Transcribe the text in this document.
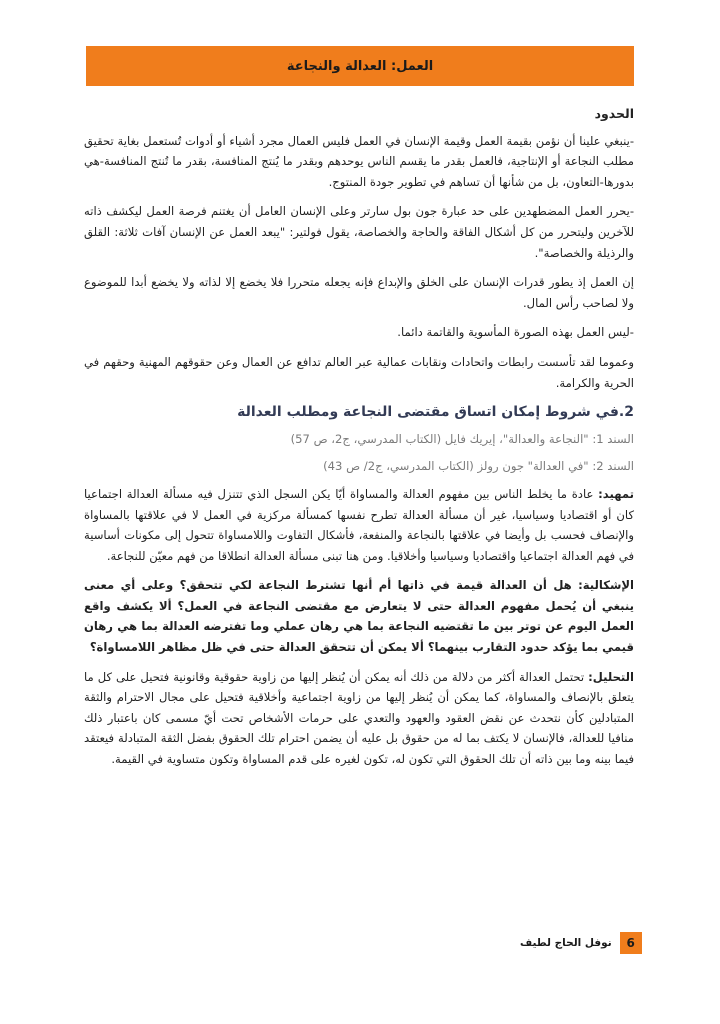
العمل: العدالة والنجاعة

الحدود

-ينبغي علينا أن نؤمن بقيمة العمل وقيمة الإنسان في العمل فليس العمال مجرد أشياء أو أدوات تُستعمل بغاية تحقيق مطلب النجاعة أو الإنتاجية، فالعمل بقدر ما يقسم الناس يوحدهم وبقدر ما يُنتج المنافسة، بقدر ما تُنتج المنافسة-هي بدورها-التعاون، بل من شأنها أن تساهم في تطوير جودة المنتوج.

-يحرر العمل المضطهدين على حد عبارة جون بول سارتر وعلى الإنسان العامل أن يغتنم فرصة العمل ليكشف ذاته للآخرين وليتحرر من كل أشكال الفاقة والحاجة والخصاصة، يقول فولتير: "يبعد العمل عن الإنسان آفات ثلاثة: القلق والرذيلة والخصاصة".

إن العمل إذ يطور قدرات الإنسان على الخلق والإبداع فإنه يجعله متحررا فلا يخضع إلا لذاته ولا يخضع أبدا للموضوع ولا لصاحب رأس المال.

-ليس العمل بهذه الصورة المأسوية والقاتمة دائما.

وعموما لقد تأسست رابطات واتحادات ونقابات عمالية عبر العالم تدافع عن العمال وعن حقوقهم المهنية وحقهم في الحرية والكرامة.

2.في شروط إمكان اتساق مقتضى النجاعة ومطلب العدالة

السند 1: "النجاعة والعدالة"، إيريك فايل (الكتاب المدرسي، ج2، ص 57)

السند 2: "في العدالة" جون رولز (الكتاب المدرسي، ج2/ ص 43)

تمهيد: عادة ما يخلط الناس بين مفهوم العدالة والمساواة أيّا يكن السجل الذي تتنزل فيه مسألة العدالة اجتماعيا كان أو اقتصاديا وسياسيا، غير أن مسألة العدالة تطرح نفسها كمسألة مركزية في العمل لا في علاقتها بالمساواة والإنصاف فحسب بل وأيضا في علاقتها بالنجاعة والمنفعة، فأشكال التفاوت واللامساواة تتحول إلى مكونات أساسية في فهم العدالة اجتماعيا واقتصاديا وسياسيا وأخلاقيا. ومن هنا تبنى مسألة العدالة انطلاقا من فهم معيّن للنجاعة.

الإشكالية: هل أن العدالة قيمة في ذاتها أم أنها تشترط النجاعة لكي تتحقق؟ وعلى أي معنى ينبغي أن يُحمل مفهوم العدالة حتى لا يتعارض مع مقتضى النجاعة في العمل؟ ألا يكشف واقع العمل اليوم عن توتر بين ما تقتضيه النجاعة بما هي رهان عملي وما تفترضه العدالة بما هي رهان قيمي بما يؤكد حدود التقارب بينهما؟ ألا يمكن أن تتحقق العدالة حتى في ظل مظاهر اللامساواة؟

التحليل: تحتمل العدالة أكثر من دلالة من ذلك أنه يمكن أن يُنظر إليها من زاوية حقوقية وقانونية فتحيل على كل ما يتعلق بالإنصاف والمساواة، كما يمكن أن يُنظر إليها من زاوية اجتماعية وأخلاقية فتحيل على مجال الاحترام والثقة المتبادلين كأن نتحدث عن نقض العقود والعهود والتعدي على حرمات الأشخاص تحت أيّ مسمى كان باعتبار ذلك منافيا للعدالة، فالإنسان لا يكتف بما له من حقوق بل عليه أن يضمن احترام تلك الحقوق بفضل الثقة المتبادلة فيعتقد فيما بينه وما بين ذاته أن تلك الحقوق التي تكون له، تكون لغيره على قدم المساواة وتكون متساوية في القيمة.

6
نوفل الحاج لطيف
